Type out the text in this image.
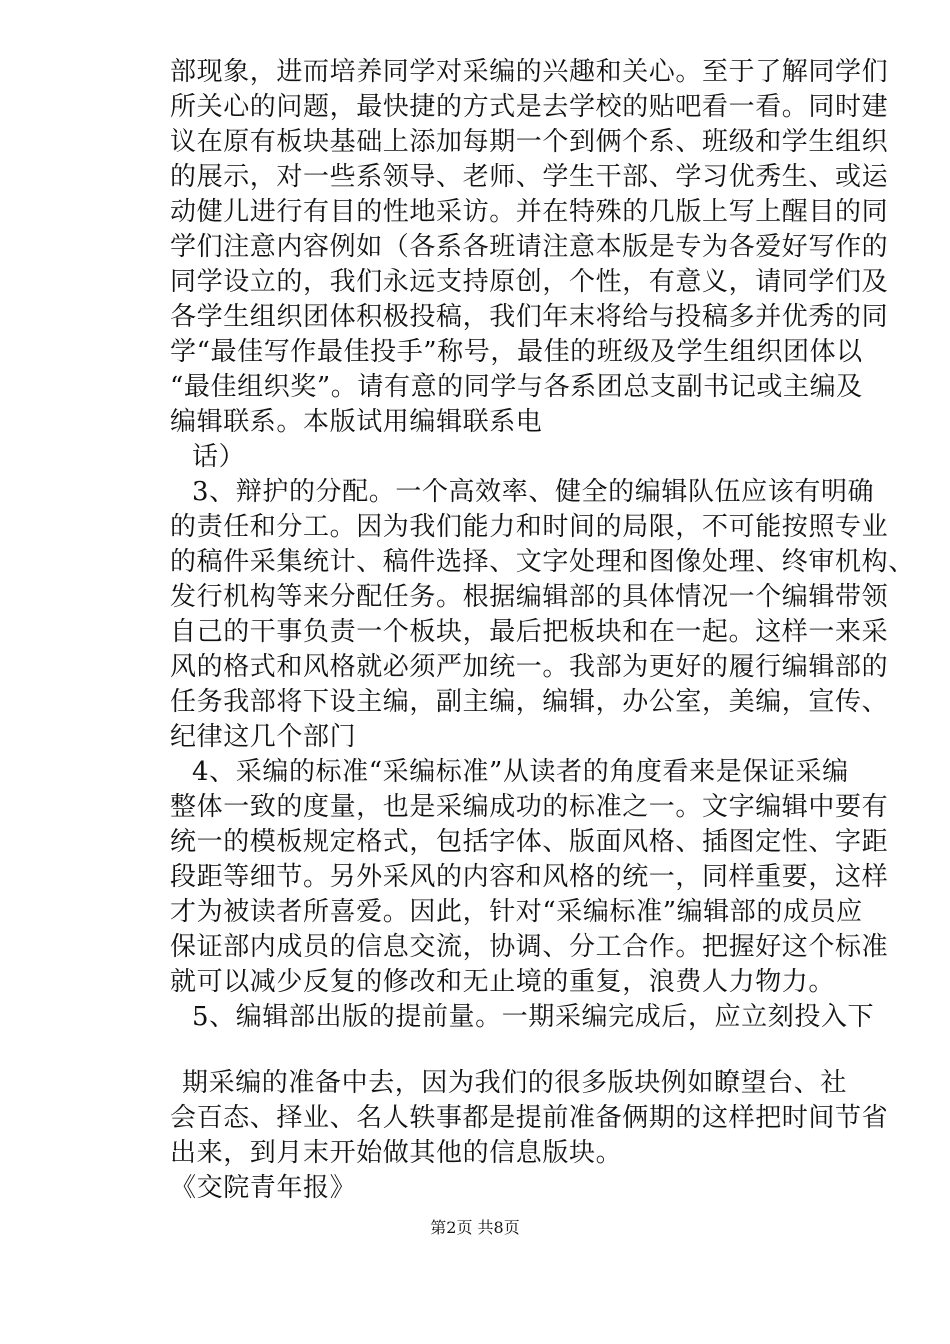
部现象，进而培养同学对采编的兴趣和关心。至于了解同学们
所关心的问题，最快捷的方式是去学校的贴吧看一看。同时建
议在原有板块基础上添加每期一个到俩个系、班级和学生组织
的展示，对一些系领导、老师、学生干部、学习优秀生、或运
动健儿进行有目的性地采访。并在特殊的几版上写上醒目的同
学们注意内容例如（各系各班请注意本版是专为各爱好写作的
同学设立的，我们永远支持原创，个性，有意义，请同学们及
各学生组织团体积极投稿，我们年末将给与投稿多并优秀的同
学“最佳写作最佳投手”称号，最佳的班级及学生组织团体以
“最佳组织奖”。请有意的同学与各系团总支副书记或主编及
编辑联系。本版试用编辑联系电
话）
3、辩护的分配。一个高效率、健全的编辑队伍应该有明确
的责任和分工。因为我们能力和时间的局限，不可能按照专业
的稿件采集统计、稿件选择、文字处理和图像处理、终审机构、
发行机构等来分配任务。根据编辑部的具体情况一个编辑带领
自己的干事负责一个板块，最后把板块和在一起。这样一来采
风的格式和风格就必须严加统一。我部为更好的履行编辑部的
任务我部将下设主编，副主编，编辑，办公室，美编，宣传、
纪律这几个部门
4、采编的标准“采编标准”从读者的角度看来是保证采编
整体一致的度量，也是采编成功的标准之一。文字编辑中要有
统一的模板规定格式，包括字体、版面风格、插图定性、字距
段距等细节。另外采风的内容和风格的统一，同样重要，这样
才为被读者所喜爱。因此，针对“采编标准”编辑部的成员应
保证部内成员的信息交流，协调、分工合作。把握好这个标准
就可以减少反复的修改和无止境的重复，浪费人力物力。
5、编辑部出版的提前量。一期采编完成后，应立刻投入下
期采编的准备中去，因为我们的很多版块例如瞭望台、社
会百态、择业、名人轶事都是提前准备俩期的这样把时间节省
出来，到月末开始做其他的信息版块。
《交院青年报》
第2页 共8页
